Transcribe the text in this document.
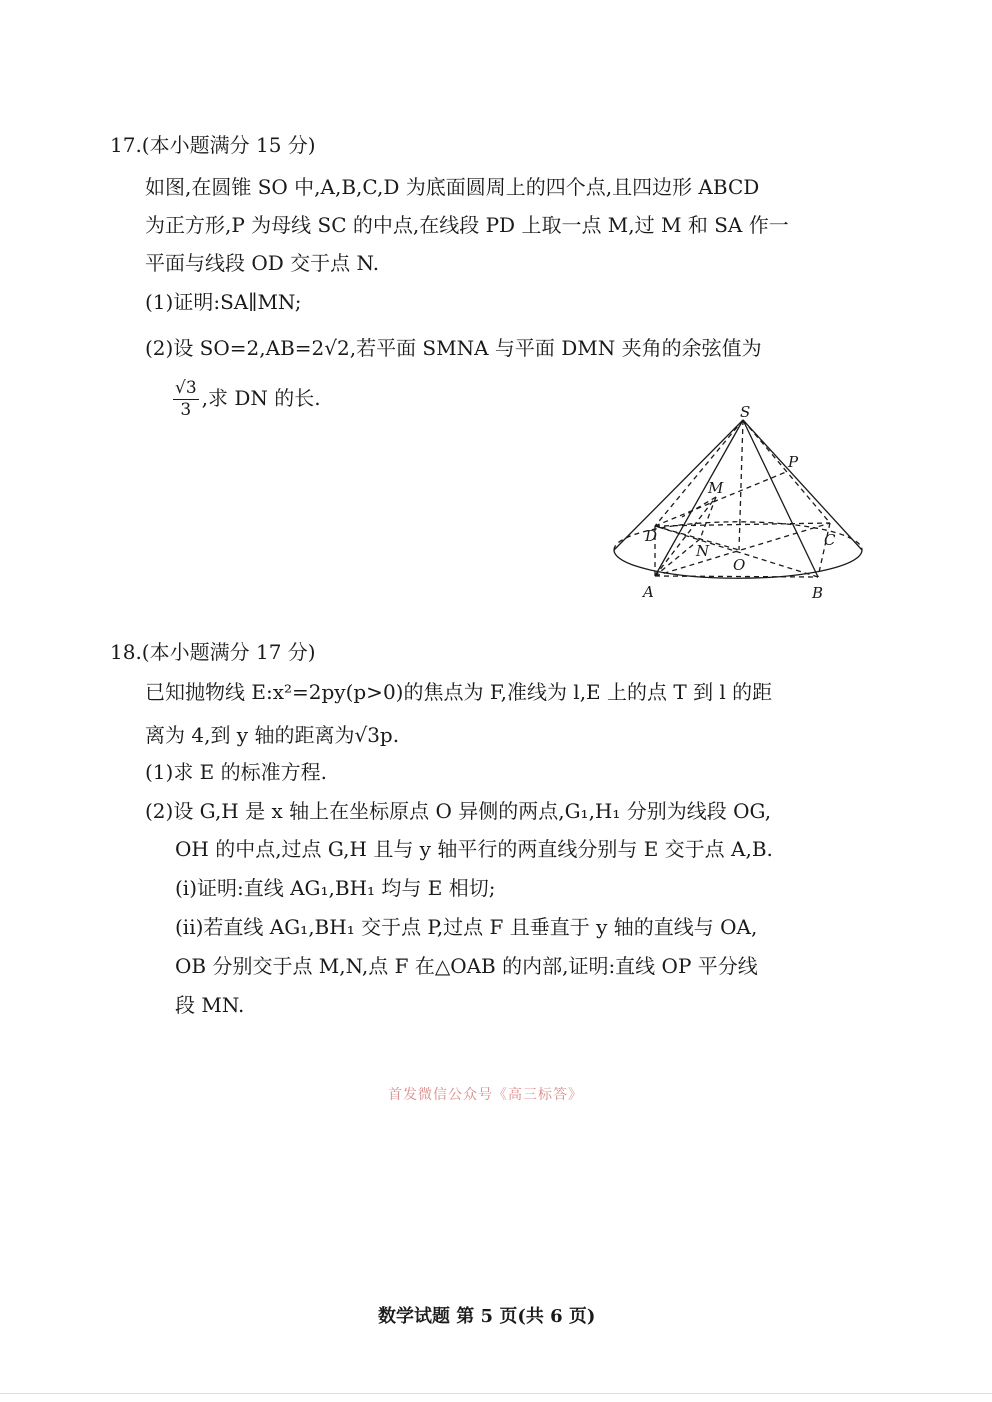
17.(本小题满分 15 分)
如图,在圆锥 SO 中,A,B,C,D 为底面圆周上的四个点,且四边形 ABCD
为正方形,P 为母线 SC 的中点,在线段 PD 上取一点 M,过 M 和 SA 作一
平面与线段 OD 交于点 N.
(1)证明:SA∥MN;
(2)设 SO=2,AB=2√2,若平面 SMNA 与平面 DMN 夹角的余弦值为
$\frac{√3}{3}$ ,求 DN 的长.
S
P
M
D
N
O
C
A	B
18.(本小题满分 17 分)
已知抛物线 E:x²=2py(p>0)的焦点为 F,准线为 l,E 上的点 T 到 l 的距
离为 4,到 y 轴的距离为√3p.
(1)求 E 的标准方程.
(2)设 G,H 是 x 轴上在坐标原点 O 异侧的两点,G₁,H₁ 分别为线段 OG,
OH 的中点,过点 G,H 且与 y 轴平行的两直线分别与 E 交于点 A,B.
(i)证明:直线 AG₁,BH₁ 均与 E 相切;
(ii)若直线 AG₁,BH₁ 交于点 P,过点 F 且垂直于 y 轴的直线与 OA,
OB 分别交于点 M,N,点 F 在△OAB 的内部,证明:直线 OP 平分线
段 MN.
首发微信公众号《高三标答》
数学试题 第 5 页(共 6 页)
